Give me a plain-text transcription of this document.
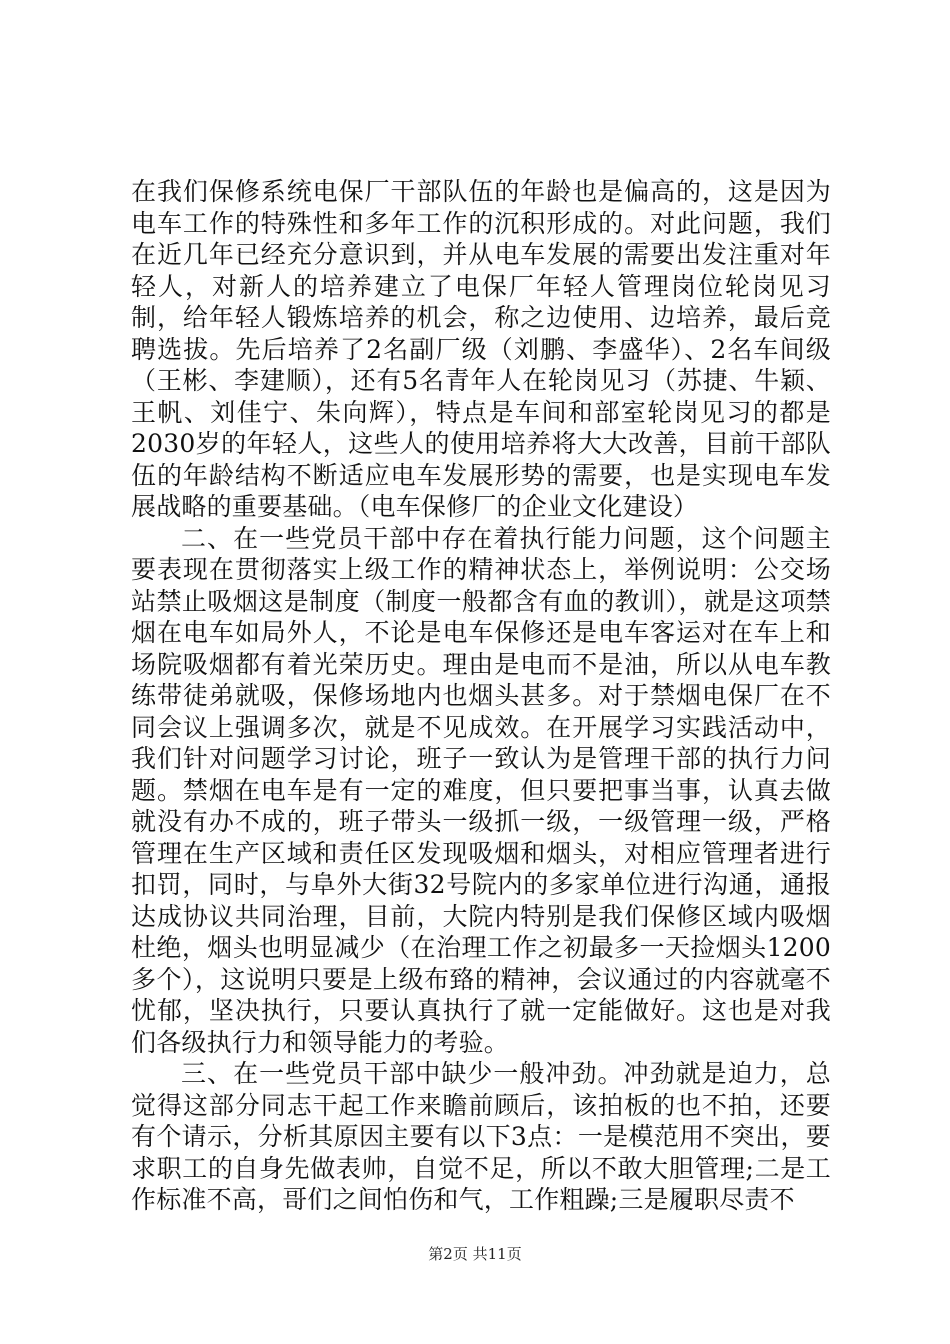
在我们保修系统电保厂干部队伍的年龄也是偏高的，这是因为电车工作的特殊性和多年工作的沉积形成的。对此问题，我们在近几年已经充分意识到，并从电车发展的需要出发注重对年轻人，对新人的培养建立了电保厂年轻人管理岗位轮岗见习制，给年轻人锻炼培养的机会，称之边使用、边培养，最后竞聘选拔。先后培养了2名副厂级（刘鹏、李盛华）、2名车间级（王彬、李建顺），还有5名青年人在轮岗见习（苏捷、牛颖、王帆、刘佳宁、朱向辉），特点是车间和部室轮岗见习的都是2030岁的年轻人，这些人的使用培养将大大改善，目前干部队伍的年龄结构不断适应电车发展形势的需要，也是实现电车发展战略的重要基础。（电车保修厂的企业文化建设）

二、在一些党员干部中存在着执行能力问题，这个问题主要表现在贯彻落实上级工作的精神状态上，举例说明：公交场站禁止吸烟这是制度（制度一般都含有血的教训），就是这项禁烟在电车如局外人，不论是电车保修还是电车客运对在车上和场院吸烟都有着光荣历史。理由是电而不是油，所以从电车教练带徒弟就吸，保修场地内也烟头甚多。对于禁烟电保厂在不同会议上强调多次，就是不见成效。在开展学习实践活动中，我们针对问题学习讨论，班子一致认为是管理干部的执行力问题。禁烟在电车是有一定的难度，但只要把事当事，认真去做就没有办不成的，班子带头一级抓一级，一级管理一级，严格管理在生产区域和责任区发现吸烟和烟头，对相应管理者进行扣罚，同时，与阜外大街32号院内的多家单位进行沟通，通报达成协议共同治理，目前，大院内特别是我们保修区域内吸烟杜绝，烟头也明显减少（在治理工作之初最多一天捡烟头1200多个），这说明只要是上级布臵的精神，会议通过的内容就毫不忧郁，坚决执行，只要认真执行了就一定能做好。这也是对我们各级执行力和领导能力的考验。

三、在一些党员干部中缺少一般冲劲。冲劲就是迫力，总觉得这部分同志干起工作来瞻前顾后，该拍板的也不拍，还要有个请示，分析其原因主要有以下3点：一是模范用不突出，要求职工的自身先做表帅，自觉不足，所以不敢大胆管理;二是工作标准不高，哥们之间怕伤和气，工作粗躁;三是履职尽责不

第2页 共11页
